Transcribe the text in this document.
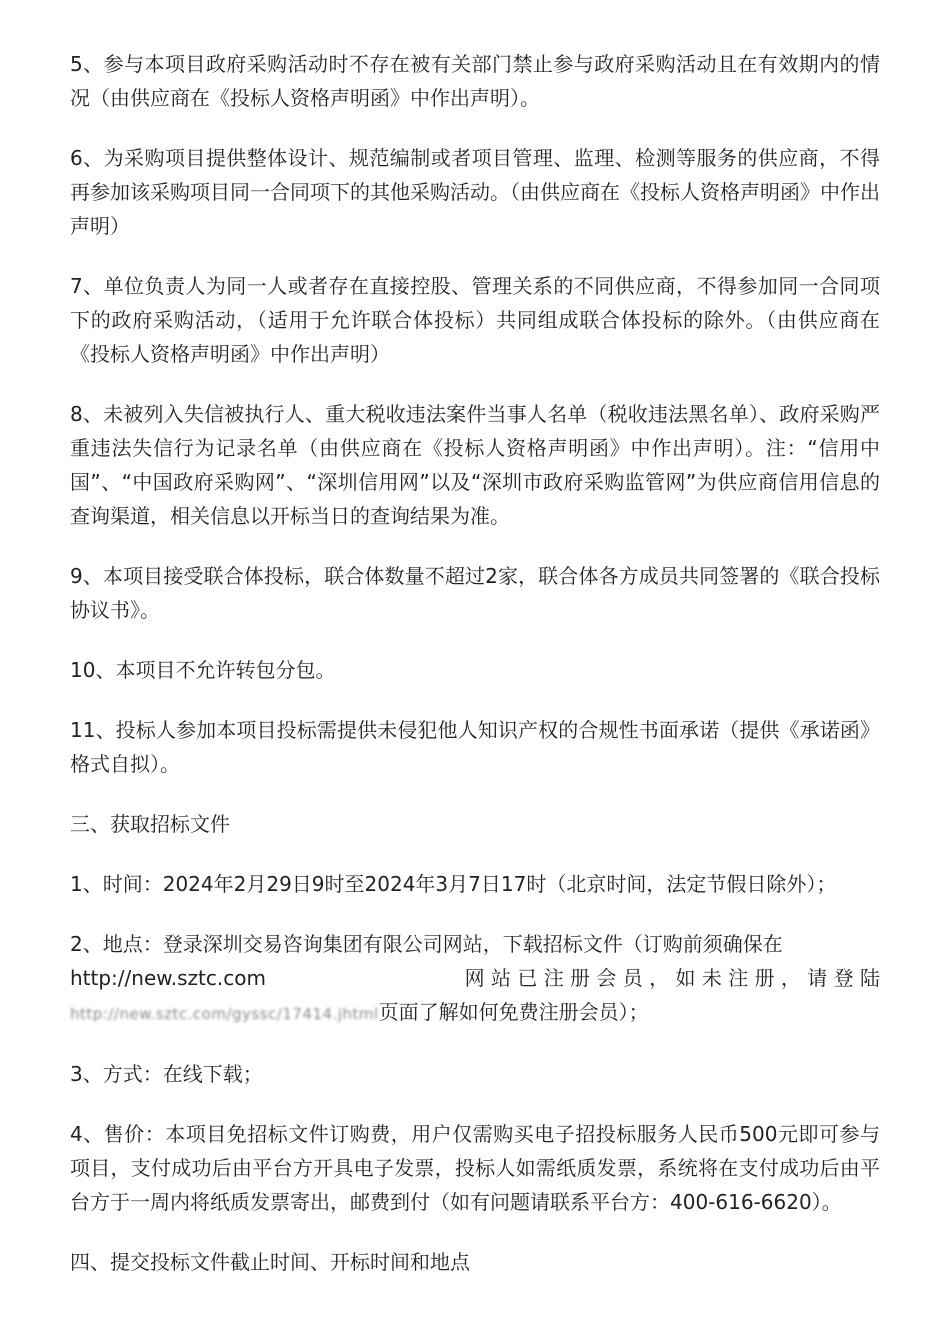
5、参与本项目政府采购活动时不存在被有关部门禁止参与政府采购活动且在有效期内的情况（由供应商在《投标人资格声明函》中作出声明）。

6、为采购项目提供整体设计、规范编制或者项目管理、监理、检测等服务的供应商，不得再参加该采购项目同一合同项下的其他采购活动。（由供应商在《投标人资格声明函》中作出声明）

7、单位负责人为同一人或者存在直接控股、管理关系的不同供应商，不得参加同一合同项下的政府采购活动，（适用于允许联合体投标）共同组成联合体投标的除外。（由供应商在《投标人资格声明函》中作出声明）

8、未被列入失信被执行人、重大税收违法案件当事人名单（税收违法黑名单）、政府采购严重违法失信行为记录名单（由供应商在《投标人资格声明函》中作出声明）。注：“信用中国”、“中国政府采购网”、“深圳信用网”以及“深圳市政府采购监管网”为供应商信用信息的查询渠道，相关信息以开标当日的查询结果为准。

9、本项目接受联合体投标，联合体数量不超过2家，联合体各方成员共同签署的《联合投标协议书》。

10、本项目不允许转包分包。

11、投标人参加本项目投标需提供未侵犯他人知识产权的合规性书面承诺（提供《承诺函》格式自拟）。

三、获取招标文件

1、时间：2024年2月29日9时至2024年3月7日17时（北京时间，法定节假日除外）；

2、地点：登录深圳交易咨询集团有限公司网站，下载招标文件（订购前须确保在
http://new.sztc.com	网 站 已 注 册 会 员 ， 如 未 注 册 ， 请 登 陆
http://new.sztc.com/gyssc/17414.jhtml页面了解如何免费注册会员）；

3、方式：在线下载；

4、售价：本项目免招标文件订购费，用户仅需购买电子招投标服务人民币500元即可参与项目，支付成功后由平台方开具电子发票，投标人如需纸质发票，系统将在支付成功后由平台方于一周内将纸质发票寄出，邮费到付（如有问题请联系平台方：400-616-6620）。

四、提交投标文件截止时间、开标时间和地点
